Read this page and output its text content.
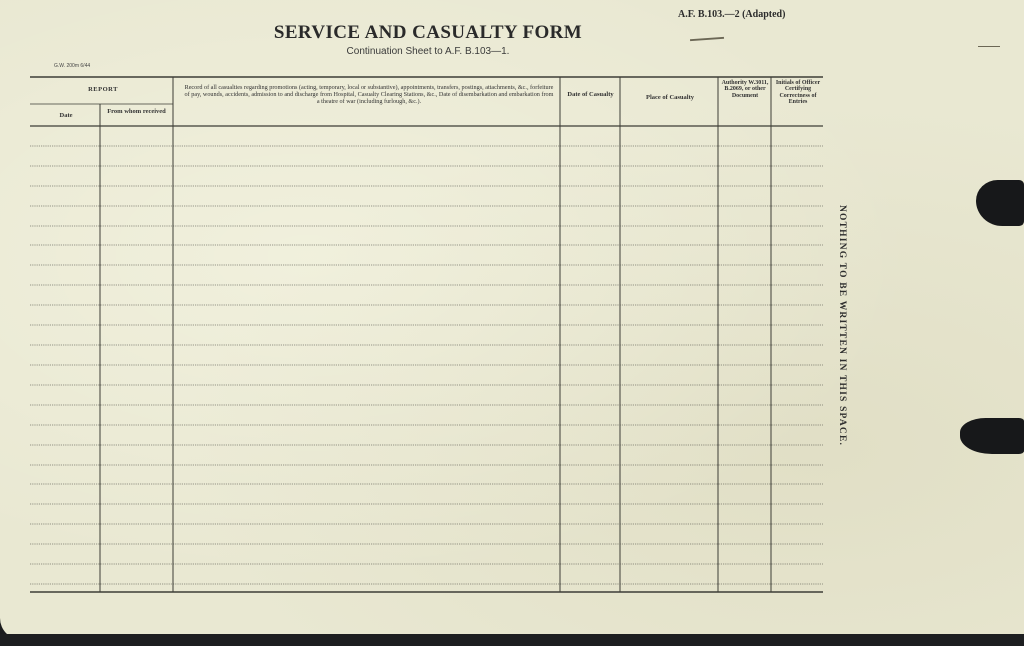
A.F. B.103.—2 (Adapted)
SERVICE AND CASUALTY FORM
Continuation Sheet to A.F. B.103—1.
G.W. 200m 6/44
REPORT
Date
From whom received
Record of all casualties regarding promotions (acting, temporary, local or substantive), appointments, transfers, postings, attachments, &c., forfeiture of pay, wounds, accidents, admission to and discharge from Hospital, Casualty Clearing Stations, &c., Date of disembarkation and embarkation from a theatre of war (including furlough, &c.).
Date of Casualty	Place of Casualty
Authority W.3011, B.2069, or other Document
Initials of Officer Certifying Correctness of Entries
NOTHING TO BE WRITTEN IN THIS SPACE.
